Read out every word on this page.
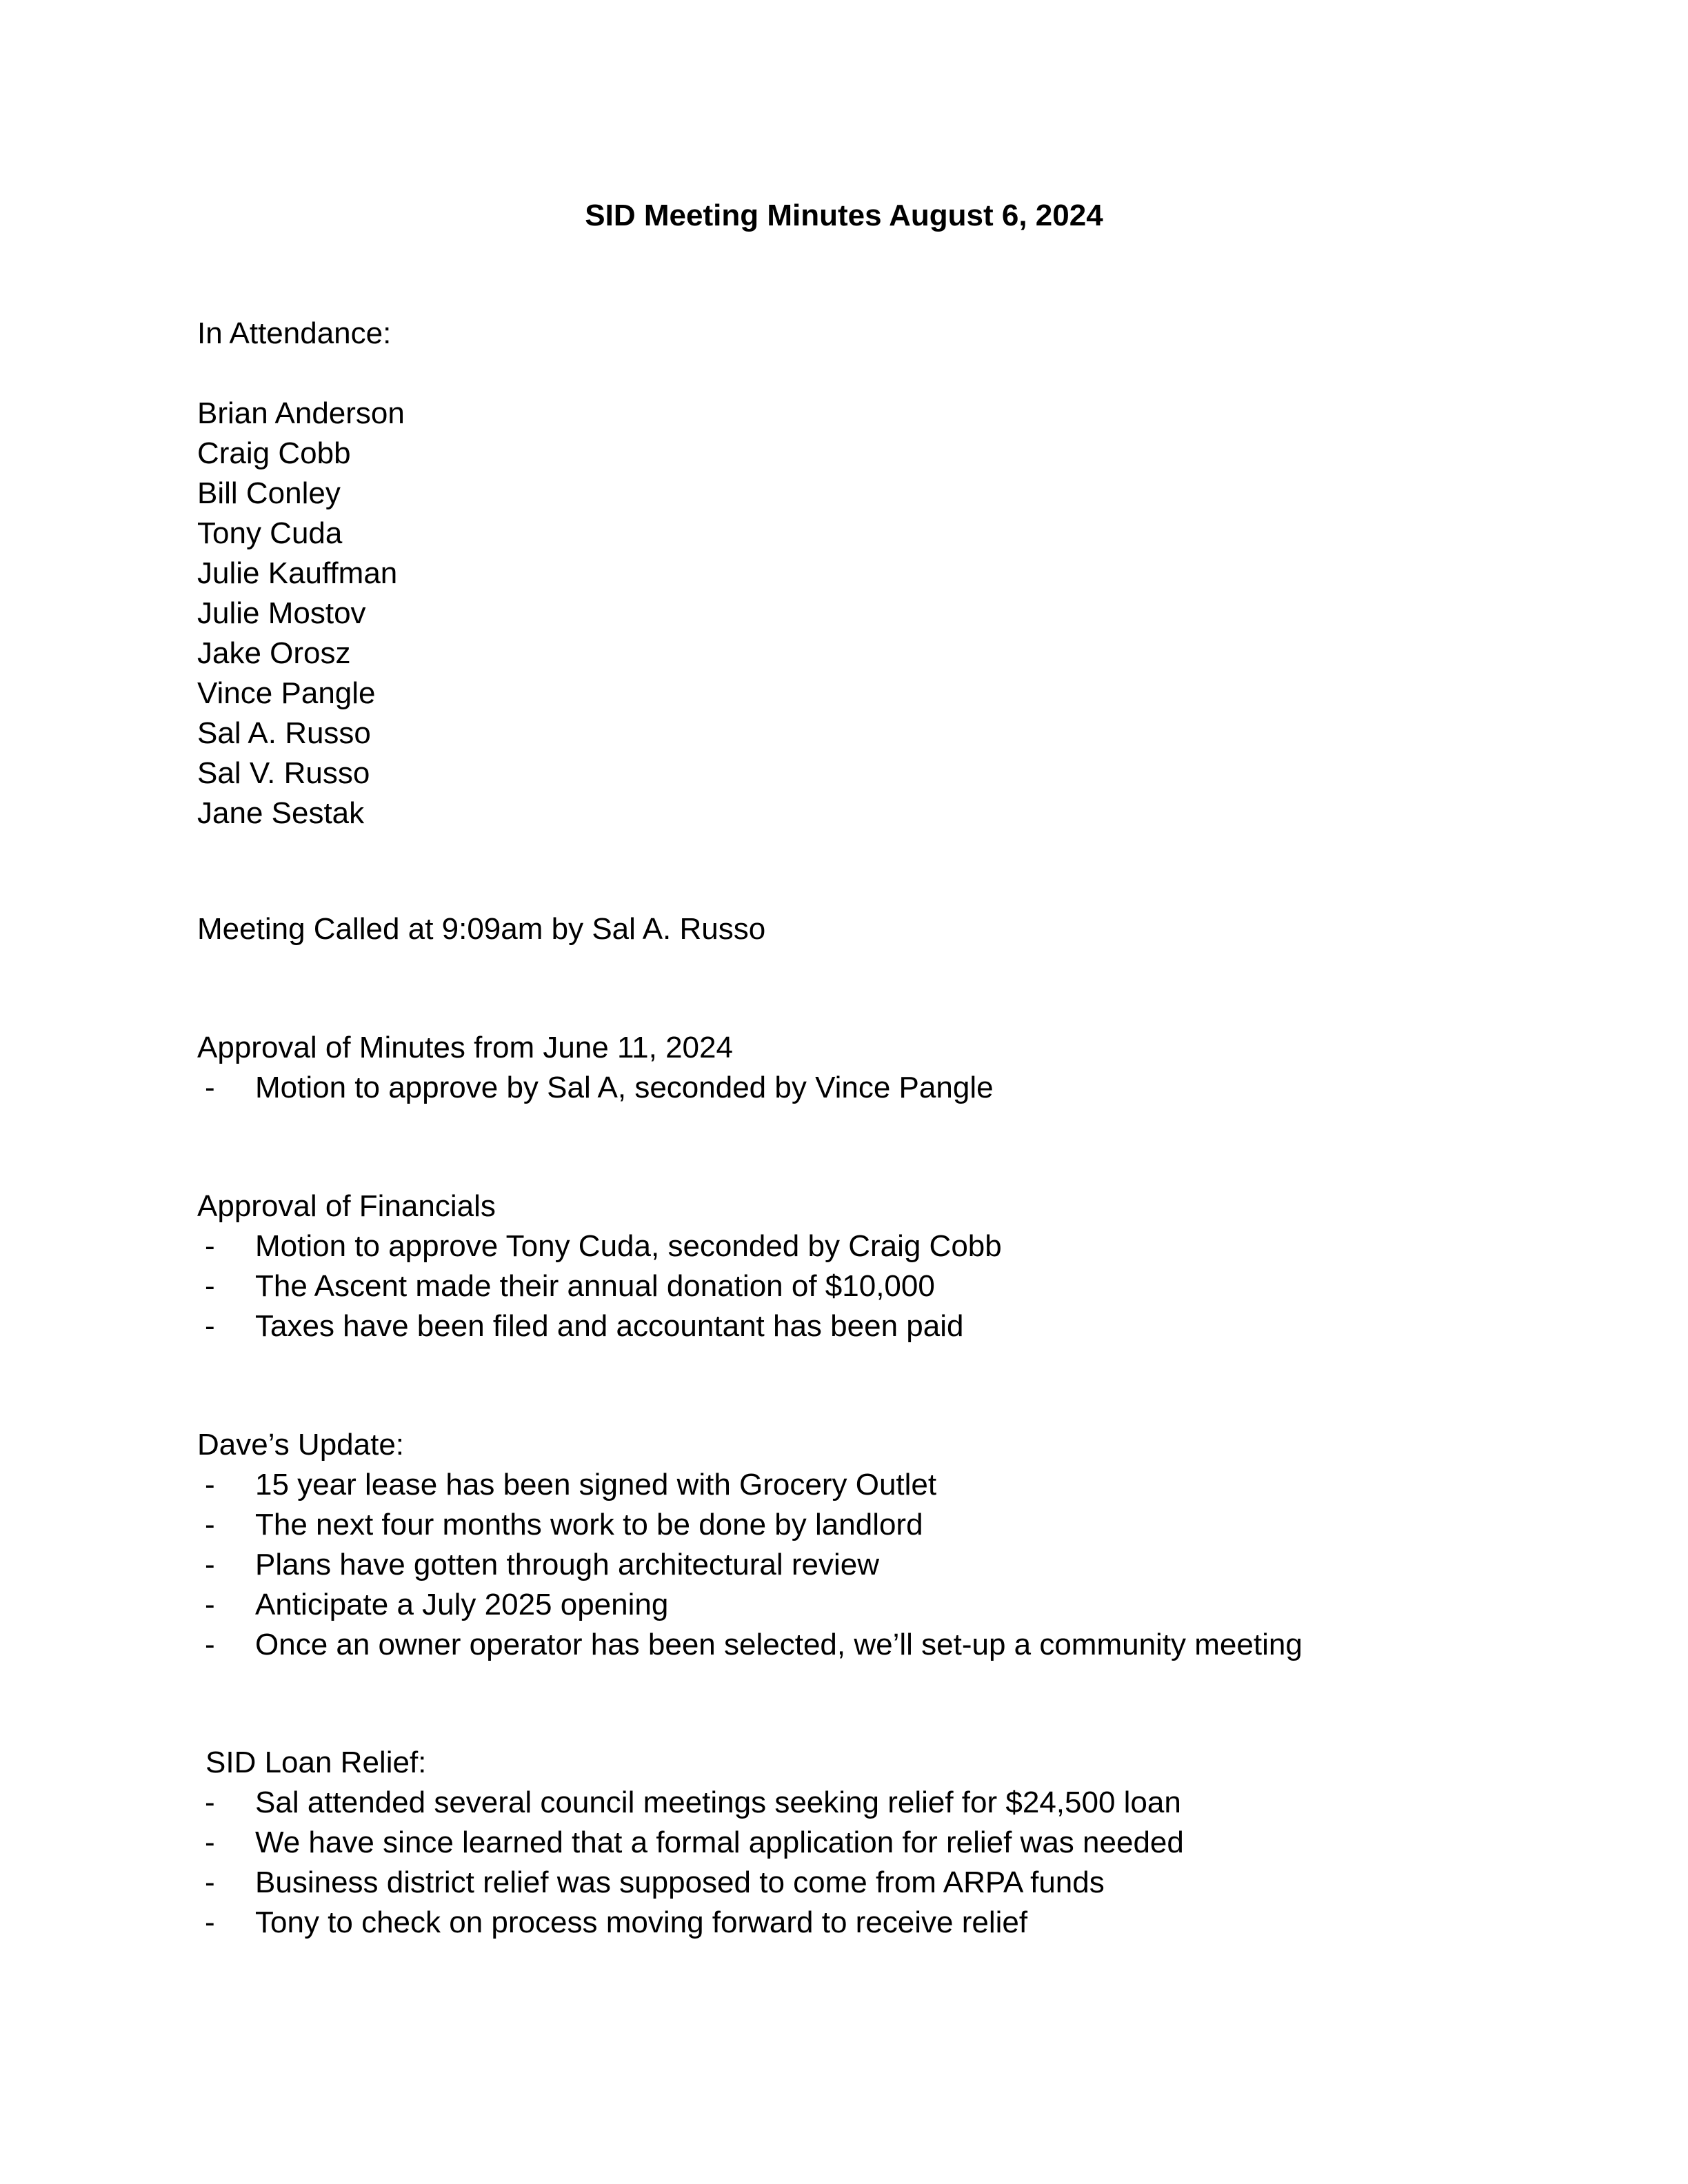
SID Meeting Minutes August 6, 2024

In Attendance:

Brian Anderson
Craig Cobb
Bill Conley
Tony Cuda
Julie Kauffman
Julie Mostov
Jake Orosz
Vince Pangle
Sal A. Russo
Sal V. Russo
Jane Sestak

Meeting Called at 9:09am by Sal A. Russo

Approval of Minutes from June 11, 2024
- Motion to approve by Sal A, seconded by Vince Pangle
Approval of Financials
- Motion to approve Tony Cuda, seconded by Craig Cobb
- The Ascent made their annual donation of $10,000
- Taxes have been filed and accountant has been paid
Dave’s Update:
- 15 year lease has been signed with Grocery Outlet
- The next four months work to be done by landlord
- Plans have gotten through architectural review
- Anticipate a July 2025 opening
- Once an owner operator has been selected, we’ll set-up a community meeting
SID Loan Relief:
- Sal attended several council meetings seeking relief for $24,500 loan
- We have since learned that a formal application for relief was needed
- Business district relief was supposed to come from ARPA funds
- Tony to check on process moving forward to receive relief
